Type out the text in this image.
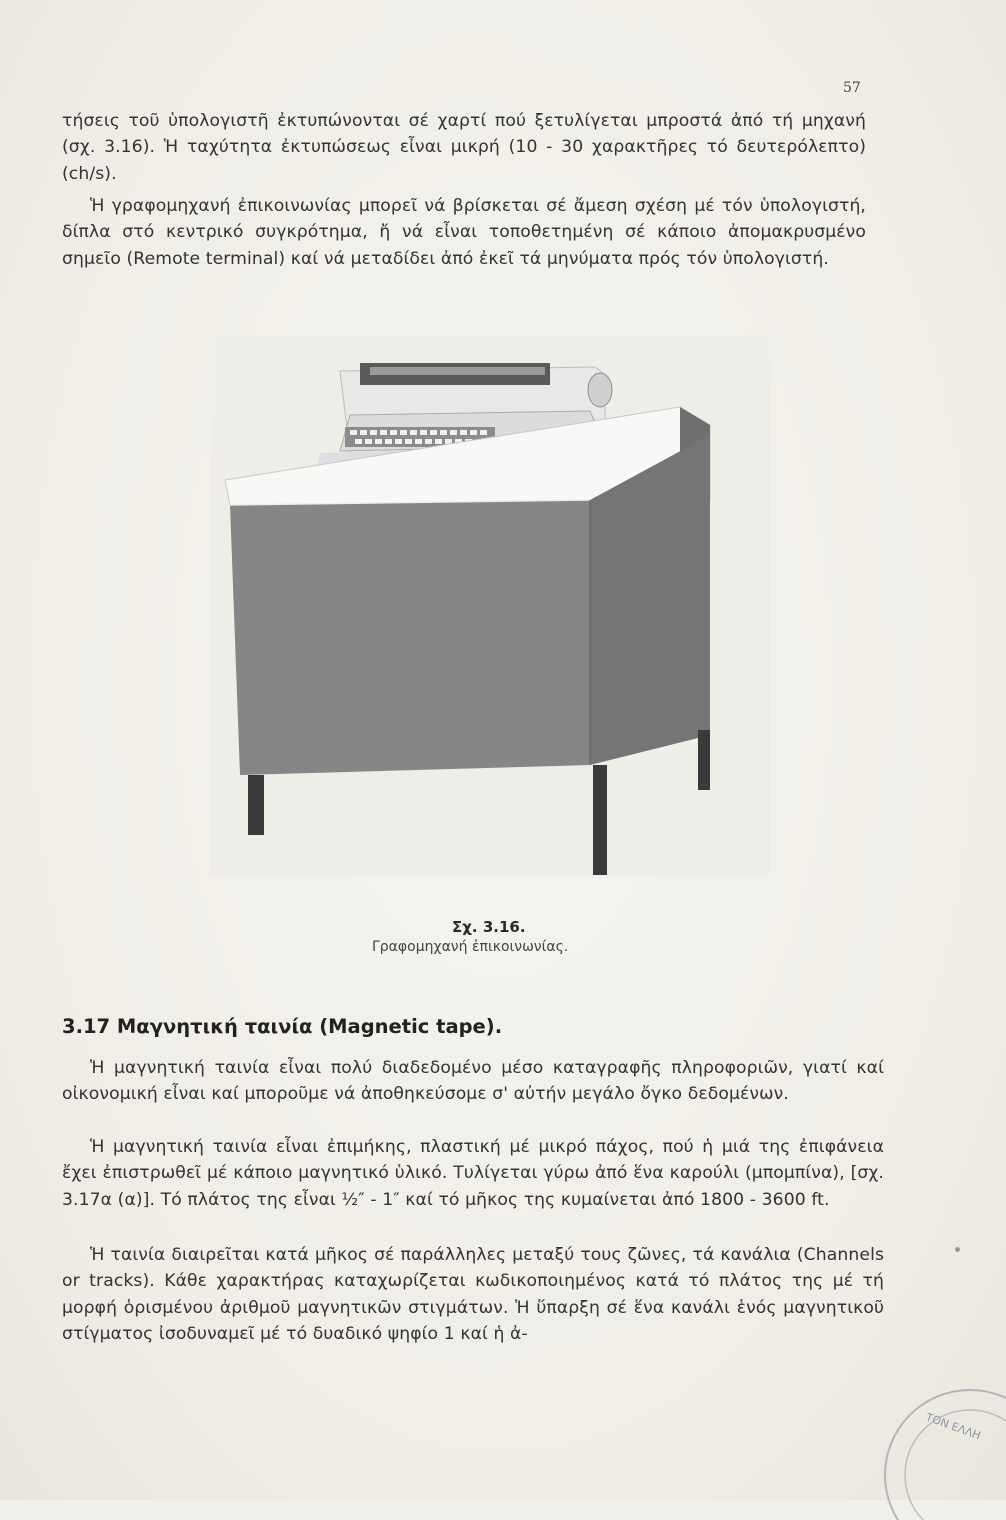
57

τήσεις τοῦ ὑπολογιστῆ ἐκτυπώνονται σέ χαρτί πού ξετυλίγεται μπροστά ἀπό τή μηχανή (σχ. 3.16). Ἡ ταχύτητα ἐκτυπώσεως εἶναι μικρή (10 - 30 χαρακτῆρες τό δευτερόλεπτο) (ch/s).

Ἡ γραφομηχανή ἐπικοινωνίας μπορεῖ νά βρίσκεται σέ ἄμεση σχέση μέ τόν ὑπολογιστή, δίπλα στό κεντρικό συγκρότημα, ἤ νά εἶναι τοποθετημένη σέ κάποιο ἀπομακρυσμένο σημεῖο (Remote terminal) καί νά μεταδίδει ἀπό ἐκεῖ τά μηνύματα πρός τόν ὑπολογιστή.

Σχ. 3.16.
Γραφομηχανή ἐπικοινωνίας.
3.17 Μαγνητική ταινία (Magnetic tape).

Ἡ μαγνητική ταινία εἶναι πολύ διαδεδομένο μέσο καταγραφῆς πληροφοριῶν, γιατί καί οἰκονομική εἶναι καί μποροῦμε νά ἀποθηκεύσομε σ' αὐτήν μεγάλο ὄγκο δεδομένων.

Ἡ μαγνητική ταινία εἶναι ἐπιμήκης, πλαστική μέ μικρό πάχος, πού ἡ μιά της ἐπιφάνεια ἔχει ἐπιστρωθεῖ μέ κάποιο μαγνητικό ὑλικό. Τυλίγεται γύρω ἀπό ἕνα καρούλι (μπομπίνα), [σχ. 3.17α (α)]. Τό πλάτος της εἶναι ½″ - 1″ καί τό μῆκος της κυμαίνεται ἀπό 1800 - 3600 ft.

Ἡ ταινία διαιρεῖται κατά μῆκος σέ παράλληλες μεταξύ τους ζῶνες, τά κανάλια (Channels or tracks). Κάθε χαρακτήρας καταχωρίζεται κωδικοποιημένος κατά τό πλάτος της μέ τή μορφή ὁρισμένου ἀριθμοῦ μαγνητικῶν στιγμάτων. Ἡ ὕπαρξη σέ ἕνα κανάλι ἑνός μαγνητικοῦ στίγματος ἰσοδυναμεῖ μέ τό δυαδικό ψηφίο 1 καί ἡ ἀ-

ΤΟΝ ΕΛΛΗ
